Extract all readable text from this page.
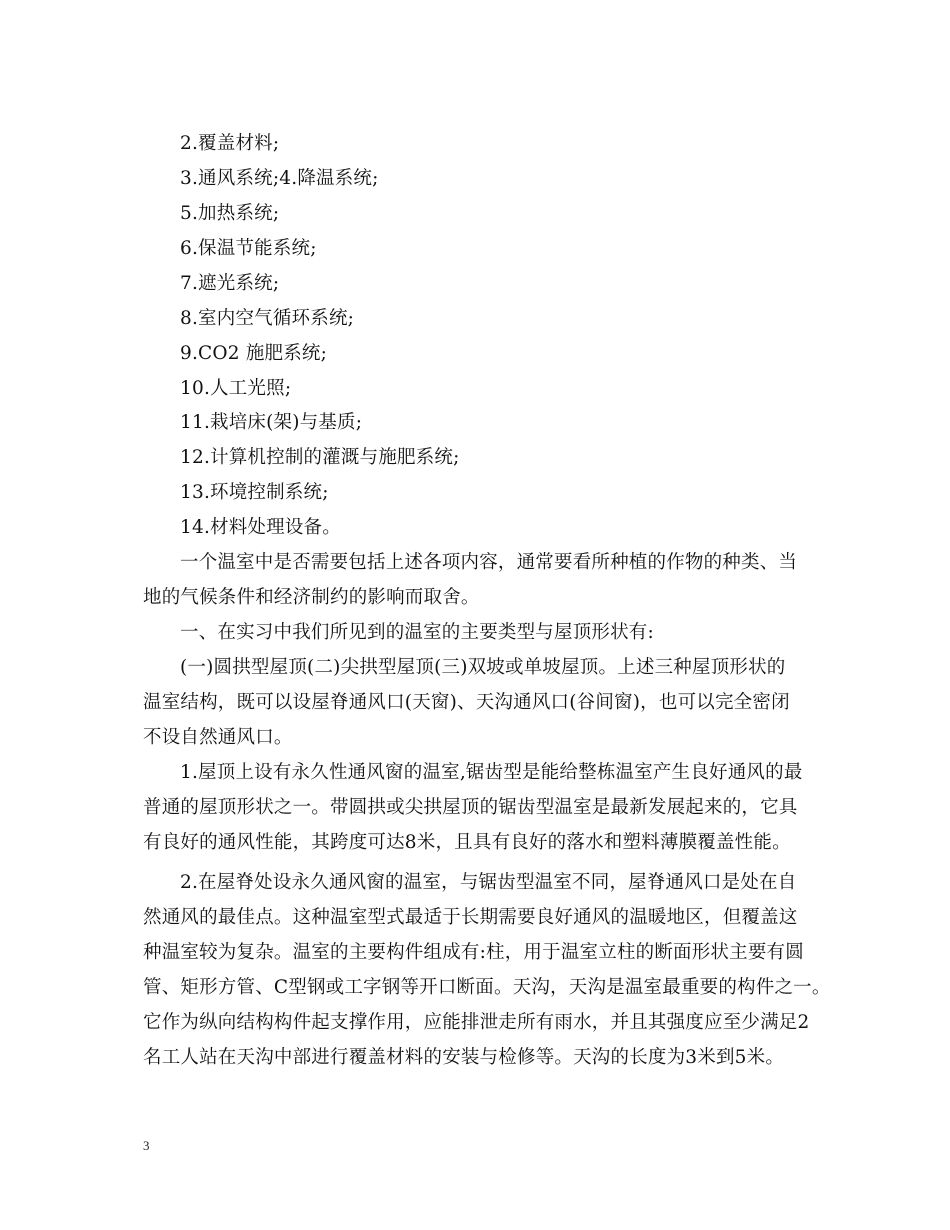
2.覆盖材料;
3.通风系统;4.降温系统;
5.加热系统;
6.保温节能系统;
7.遮光系统;
8.室内空气循环系统;
9.CO2 施肥系统;
10.人工光照;
11.栽培床(架)与基质;
12.计算机控制的灌溉与施肥系统;
13.环境控制系统;
14.材料处理设备。
一个温室中是否需要包括上述各项内容，通常要看所种植的作物的种类、当
地的气候条件和经济制约的影响而取舍。
一、在实习中我们所见到的温室的主要类型与屋顶形状有:
(一)圆拱型屋顶(二)尖拱型屋顶(三)双坡或单坡屋顶。上述三种屋顶形状的
温室结构，既可以设屋脊通风口(天窗)、天沟通风口(谷间窗)，也可以完全密闭
不设自然通风口。
1.屋顶上设有永久性通风窗的温室,锯齿型是能给整栋温室产生良好通风的最
普通的屋顶形状之一。带圆拱或尖拱屋顶的锯齿型温室是最新发展起来的，它具
有良好的通风性能，其跨度可达8米，且具有良好的落水和塑料薄膜覆盖性能。
2.在屋脊处设永久通风窗的温室，与锯齿型温室不同，屋脊通风口是处在自
然通风的最佳点。这种温室型式最适于长期需要良好通风的温暖地区，但覆盖这
种温室较为复杂。温室的主要构件组成有:柱，用于温室立柱的断面形状主要有圆
管、矩形方管、C型钢或工字钢等开口断面。天沟，天沟是温室最重要的构件之一。
它作为纵向结构构件起支撑作用，应能排泄走所有雨水，并且其强度应至少满足2
名工人站在天沟中部进行覆盖材料的安装与检修等。天沟的长度为3米到5米。
3
